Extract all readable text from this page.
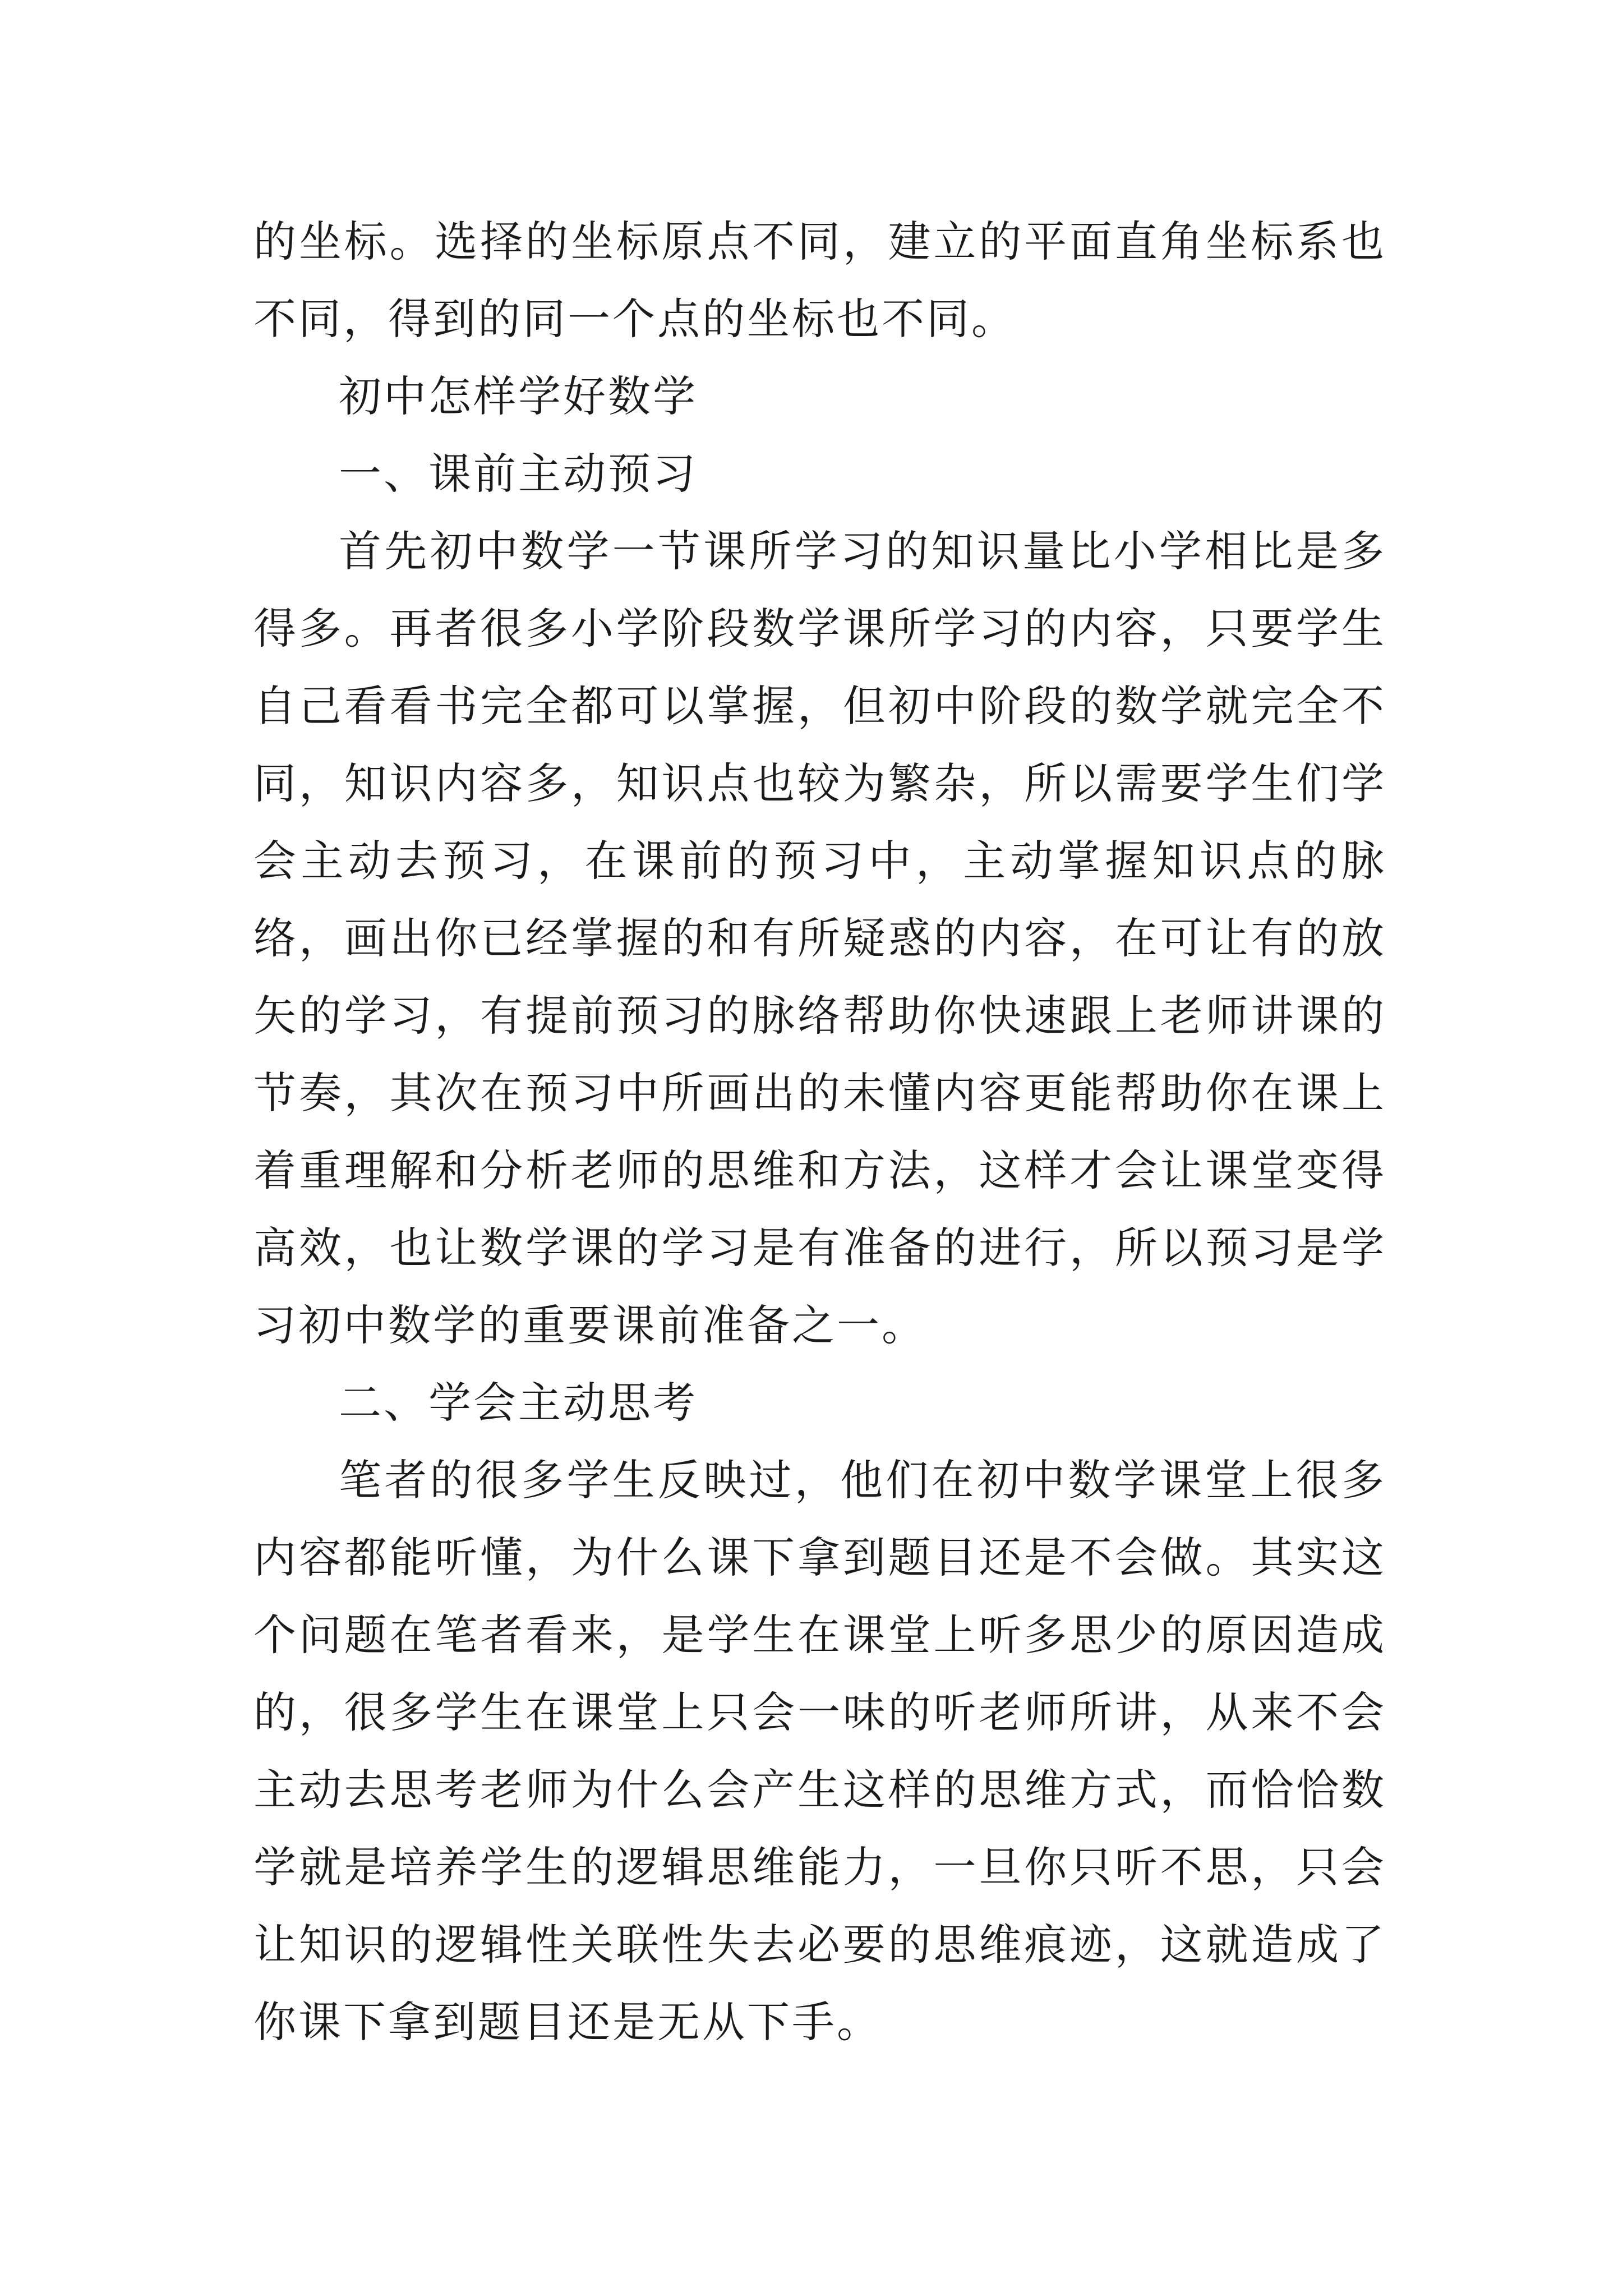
的坐标。选择的坐标原点不同，建立的平面直角坐标系也不同，得到的同一个点的坐标也不同。

初中怎样学好数学

一、课前主动预习

首先初中数学一节课所学习的知识量比小学相比是多得多。再者很多小学阶段数学课所学习的内容，只要学生自己看看书完全都可以掌握，但初中阶段的数学就完全不同，知识内容多，知识点也较为繁杂，所以需要学生们学会主动去预习，在课前的预习中，主动掌握知识点的脉络，画出你已经掌握的和有所疑惑的内容，在可让有的放矢的学习，有提前预习的脉络帮助你快速跟上老师讲课的节奏，其次在预习中所画出的未懂内容更能帮助你在课上着重理解和分析老师的思维和方法，这样才会让课堂变得高效，也让数学课的学习是有准备的进行，所以预习是学习初中数学的重要课前准备之一。

二、学会主动思考

笔者的很多学生反映过，他们在初中数学课堂上很多内容都能听懂，为什么课下拿到题目还是不会做。其实这个问题在笔者看来，是学生在课堂上听多思少的原因造成的，很多学生在课堂上只会一味的听老师所讲，从来不会主动去思考老师为什么会产生这样的思维方式，而恰恰数学就是培养学生的逻辑思维能力，一旦你只听不思，只会让知识的逻辑性关联性失去必要的思维痕迹，这就造成了你课下拿到题目还是无从下手。
